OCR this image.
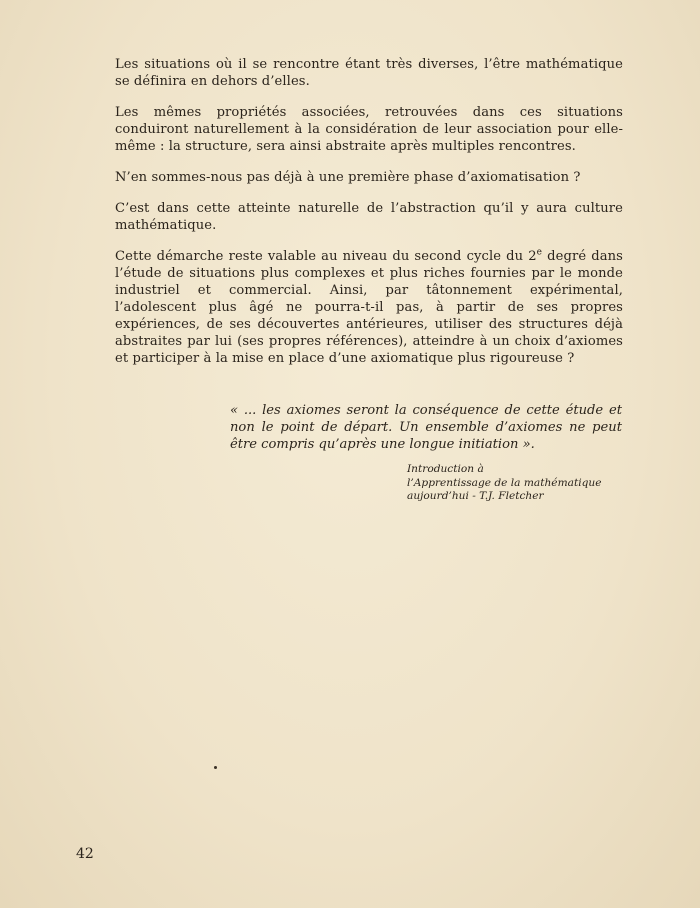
Les situations où il se rencontre étant très diverses, l’être mathématique se définira en dehors d’elles.

Les mêmes propriétés associées, retrouvées dans ces situations conduiront naturellement à la considération de leur association pour elle-même : la structure, sera ainsi abstraite après multiples rencontres.

N’en sommes-nous pas déjà à une première phase d’axiomatisation ?

C’est dans cette atteinte naturelle de l’abstraction qu’il y aura culture mathématique.

Cette démarche reste valable au niveau du second cycle du 2e degré dans l’étude de situations plus complexes et plus riches fournies par le monde industriel et commercial. Ainsi, par tâtonnement expérimental, l’adolescent plus âgé ne pourra-t-il pas, à partir de ses propres expériences, de ses découvertes antérieures, utiliser des structures déjà abstraites par lui (ses propres références), atteindre à un choix d’axiomes et participer à la mise en place d’une axiomatique plus rigoureuse ?

« ... les axiomes seront la conséquence de cette étude et non le point de départ. Un ensemble d’axiomes ne peut être compris qu’après une longue initiation ».
Introduction à
l’Apprentissage de la mathématique
aujourd’hui - T.J. Fletcher
42
